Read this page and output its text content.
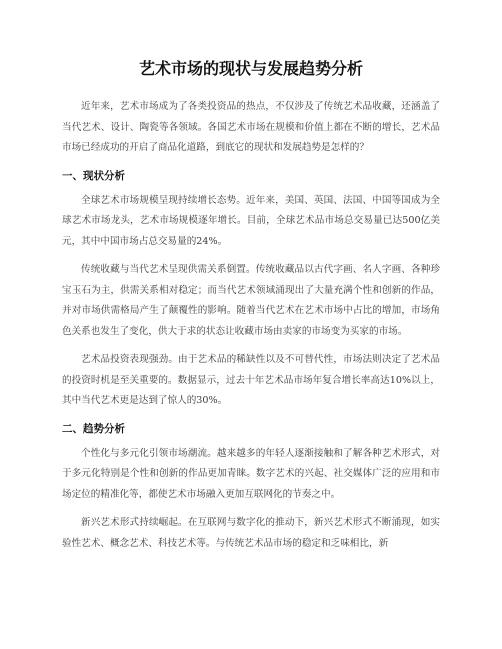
艺术市场的现状与发展趋势分析

近年来，艺术市场成为了各类投资品的热点，不仅涉及了传统艺术品收藏，还涵盖了当代艺术、设计、陶瓷等各领域。各国艺术市场在规模和价值上都在不断的增长，艺术品市场已经成功的开启了商品化道路，到底它的现状和发展趋势是怎样的？

一、现状分析

全球艺术市场规模呈现持续增长态势。近年来，美国、英国、法国、中国等国成为全球艺术市场龙头，艺术市场规模逐年增长。目前，全球艺术品市场总交易量已达500亿美元，其中中国市场占总交易量的24%。

传统收藏与当代艺术呈现供需关系倒置。传统收藏品以古代字画、名人字画、各种珍宝玉石为主，供需关系相对稳定；而当代艺术领域涌现出了大量充满个性和创新的作品，并对市场供需格局产生了颠覆性的影响。随着当代艺术在艺术市场中占比的增加，市场角色关系也发生了变化，供大于求的状态让收藏市场由卖家的市场变为买家的市场。

艺术品投资表现强劲。由于艺术品的稀缺性以及不可替代性，市场法则决定了艺术品的投资时机是至关重要的。数据显示，过去十年艺术品市场年复合增长率高达10%以上，其中当代艺术更是达到了惊人的30%。

二、趋势分析

个性化与多元化引领市场潮流。越来越多的年轻人逐渐接触和了解各种艺术形式，对于多元化特别是个性和创新的作品更加青睐。数字艺术的兴起、社交媒体广泛的应用和市场定位的精准化等，都使艺术市场融入更加互联网化的节奏之中。

新兴艺术形式持续崛起。在互联网与数字化的推动下，新兴艺术形式不断涌现，如实验性艺术、概念艺术、科技艺术等。与传统艺术品市场的稳定和乏味相比，新
